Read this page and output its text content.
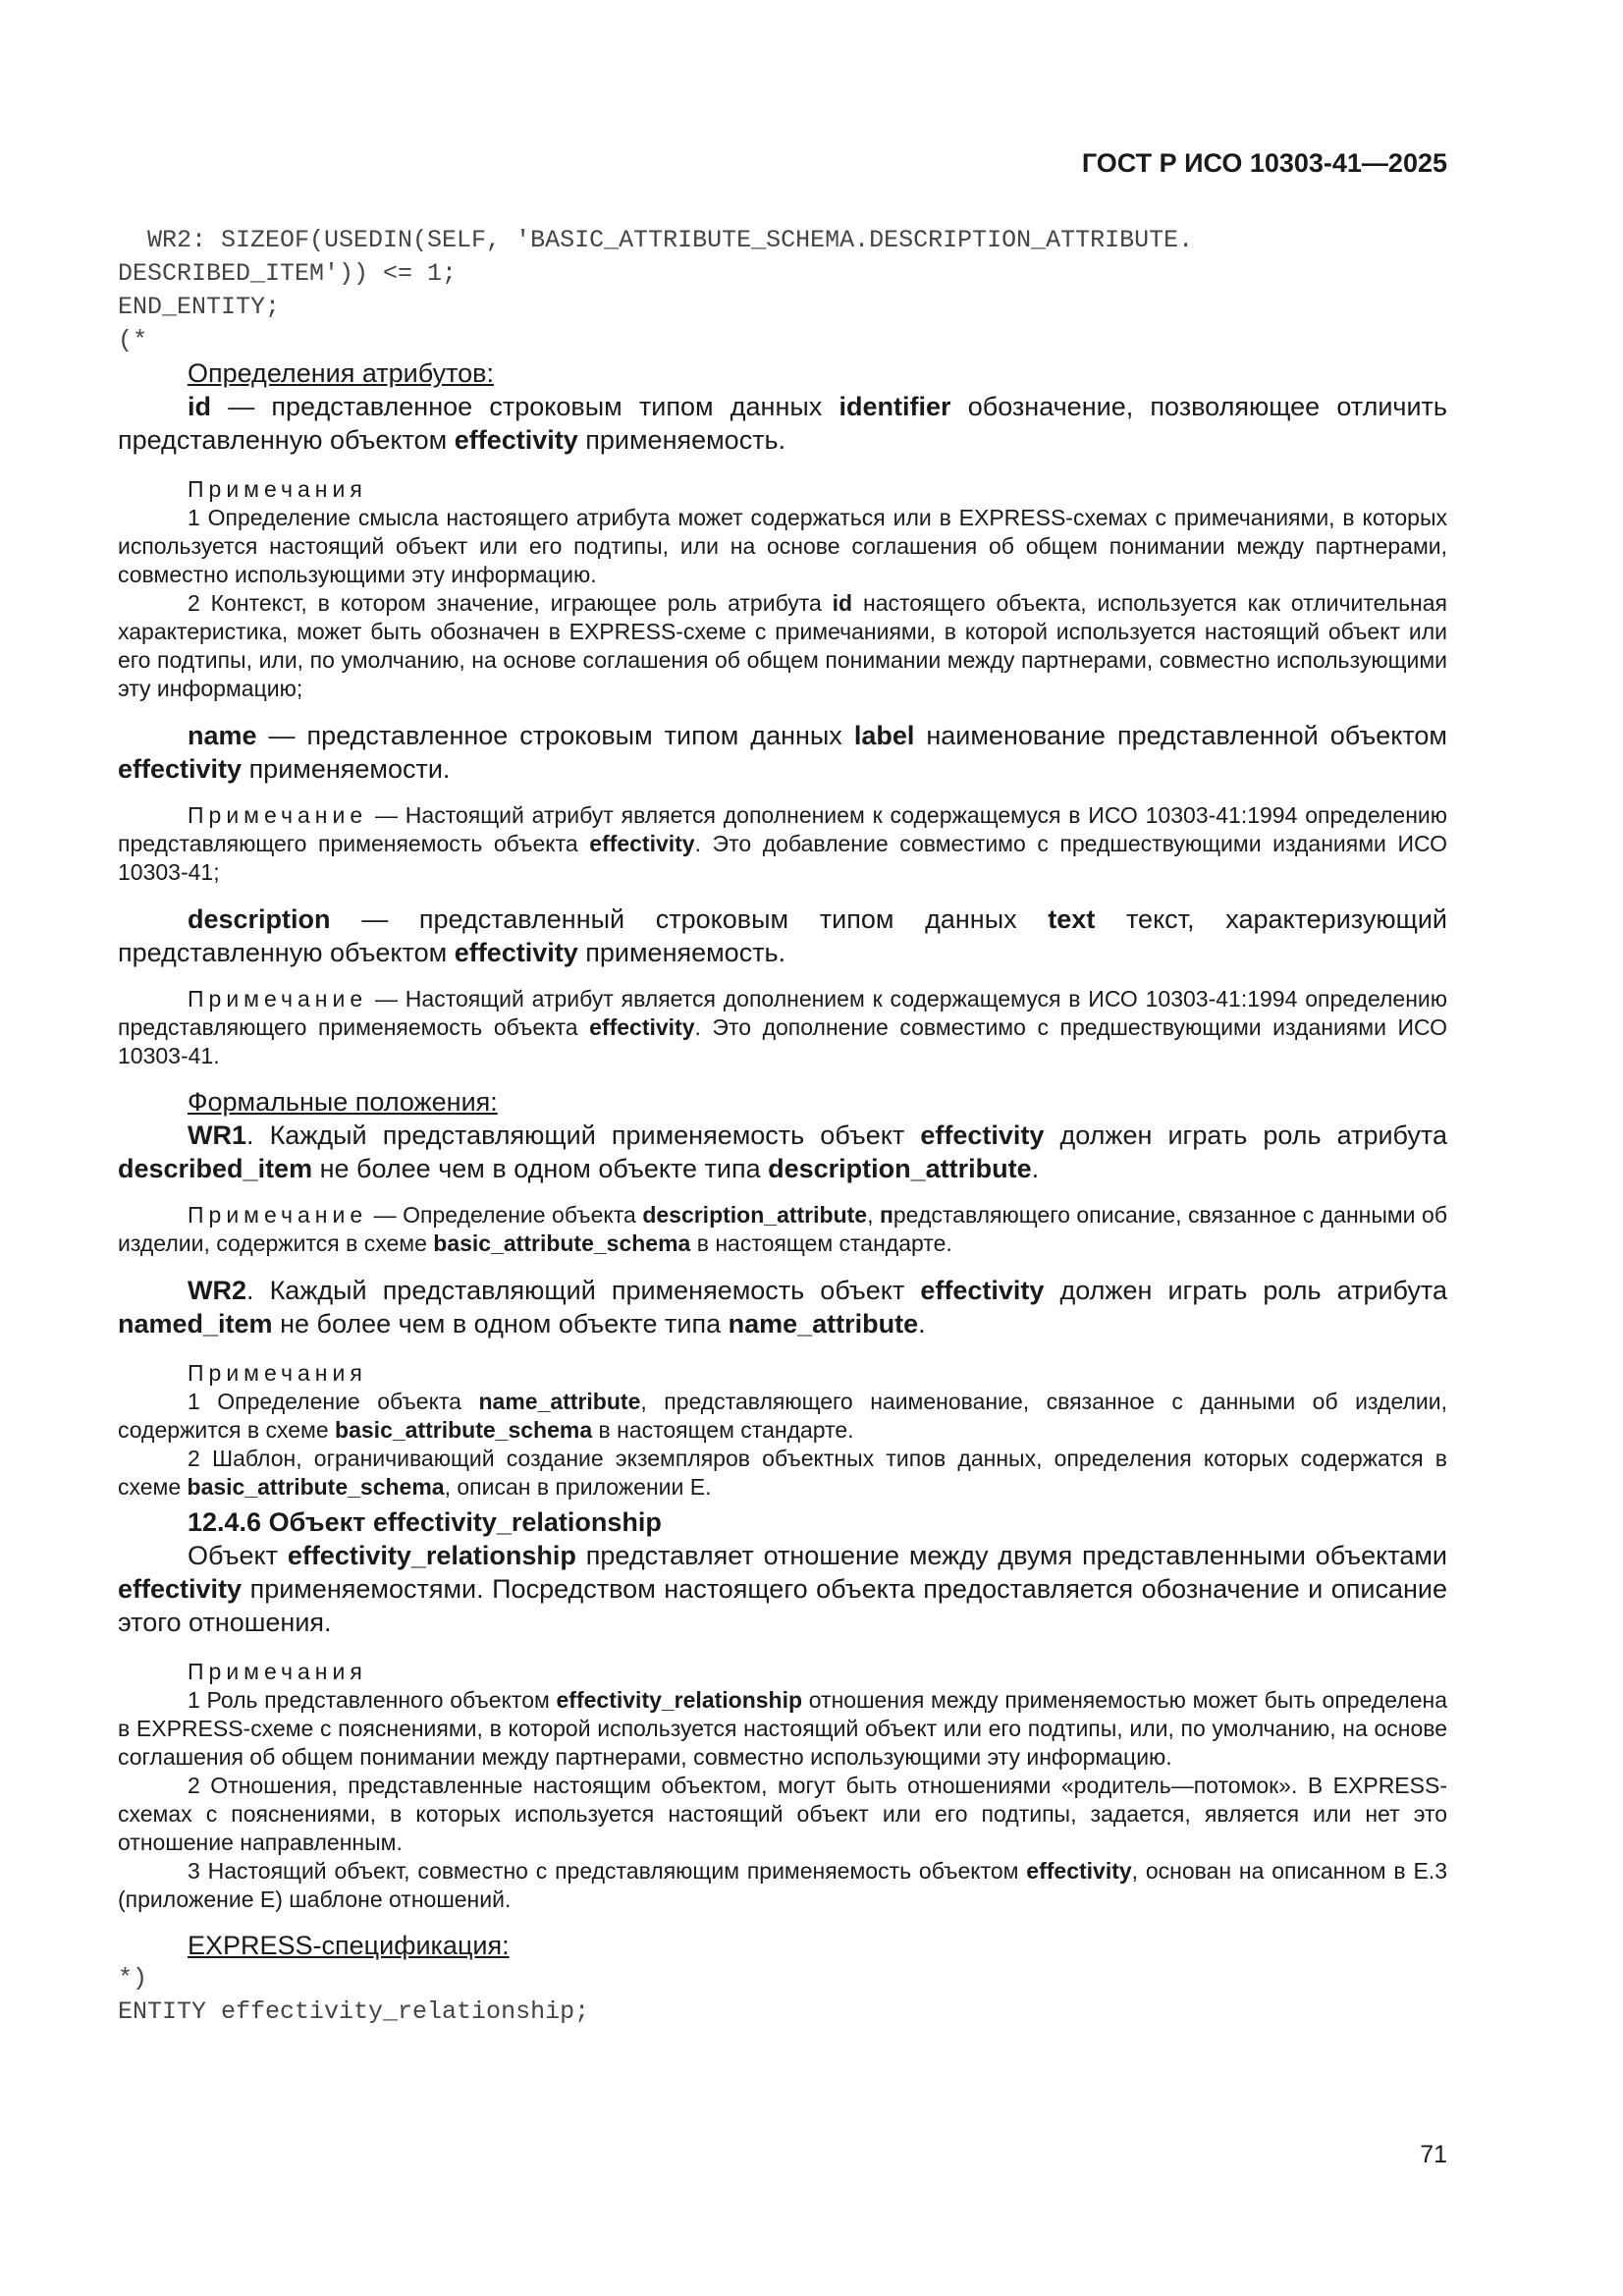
ГОСТ Р ИСО 10303-41—2025
WR2: SIZEOF(USEDIN(SELF, 'BASIC_ATTRIBUTE_SCHEMA.DESCRIPTION_ATTRIBUTE.
DESCRIBED_ITEM')) <= 1;
END_ENTITY;
(*
Определения атрибутов:

id — представленное строковым типом данных identifier обозначение, позволяющее отличить представленную объектом effectivity применяемость.

Примечания

1 Определение смысла настоящего атрибута может содержаться или в EXPRESS-схемах с примечаниями, в которых используется настоящий объект или его подтипы, или на основе соглашения об общем понимании между партнерами, совместно использующими эту информацию.

2 Контекст, в котором значение, играющее роль атрибута id настоящего объекта, используется как отличительная характеристика, может быть обозначен в EXPRESS-схеме с примечаниями, в которой используется настоящий объект или его подтипы, или, по умолчанию, на основе соглашения об общем понимании между партнерами, совместно использующими эту информацию;

name — представленное строковым типом данных label наименование представленной объектом effectivity применяемости.

Примечание — Настоящий атрибут является дополнением к содержащемуся в ИСО 10303-41:1994 определению представляющего применяемость объекта effectivity. Это добавление совместимо с предшествующими изданиями ИСО 10303-41;

description — представленный строковым типом данных text текст, характеризующий представленную объектом effectivity применяемость.

Примечание — Настоящий атрибут является дополнением к содержащемуся в ИСО 10303-41:1994 определению представляющего применяемость объекта effectivity. Это дополнение совместимо с предшествующими изданиями ИСО 10303-41.

Формальные положения:

WR1. Каждый представляющий применяемость объект effectivity должен играть роль атрибута described_item не более чем в одном объекте типа description_attribute.

Примечание — Определение объекта description_attribute, представляющего описание, связанное с данными об изделии, содержится в схеме basic_attribute_schema в настоящем стандарте.

WR2. Каждый представляющий применяемость объект effectivity должен играть роль атрибута named_item не более чем в одном объекте типа name_attribute.

Примечания

1 Определение объекта name_attribute, представляющего наименование, связанное с данными об изделии, содержится в схеме basic_attribute_schema в настоящем стандарте.

2 Шаблон, ограничивающий создание экземпляров объектных типов данных, определения которых содержатся в схеме basic_attribute_schema, описан в приложении Е.

12.4.6 Объект effectivity_relationship

Объект effectivity_relationship представляет отношение между двумя представленными объектами effectivity применяемостями. Посредством настоящего объекта предоставляется обозначение и описание этого отношения.

Примечания

1 Роль представленного объектом effectivity_relationship отношения между применяемостью может быть определена в EXPRESS-схеме с пояснениями, в которой используется настоящий объект или его подтипы, или, по умолчанию, на основе соглашения об общем понимании между партнерами, совместно использующими эту информацию.

2 Отношения, представленные настоящим объектом, могут быть отношениями «родитель—потомок». В EXPRESS-схемах с пояснениями, в которых используется настоящий объект или его подтипы, задается, является или нет это отношение направленным.

3 Настоящий объект, совместно с представляющим применяемость объектом effectivity, основан на описанном в Е.3 (приложение Е) шаблоне отношений.

EXPRESS-спецификация:
*)
ENTITY effectivity_relationship;
71
